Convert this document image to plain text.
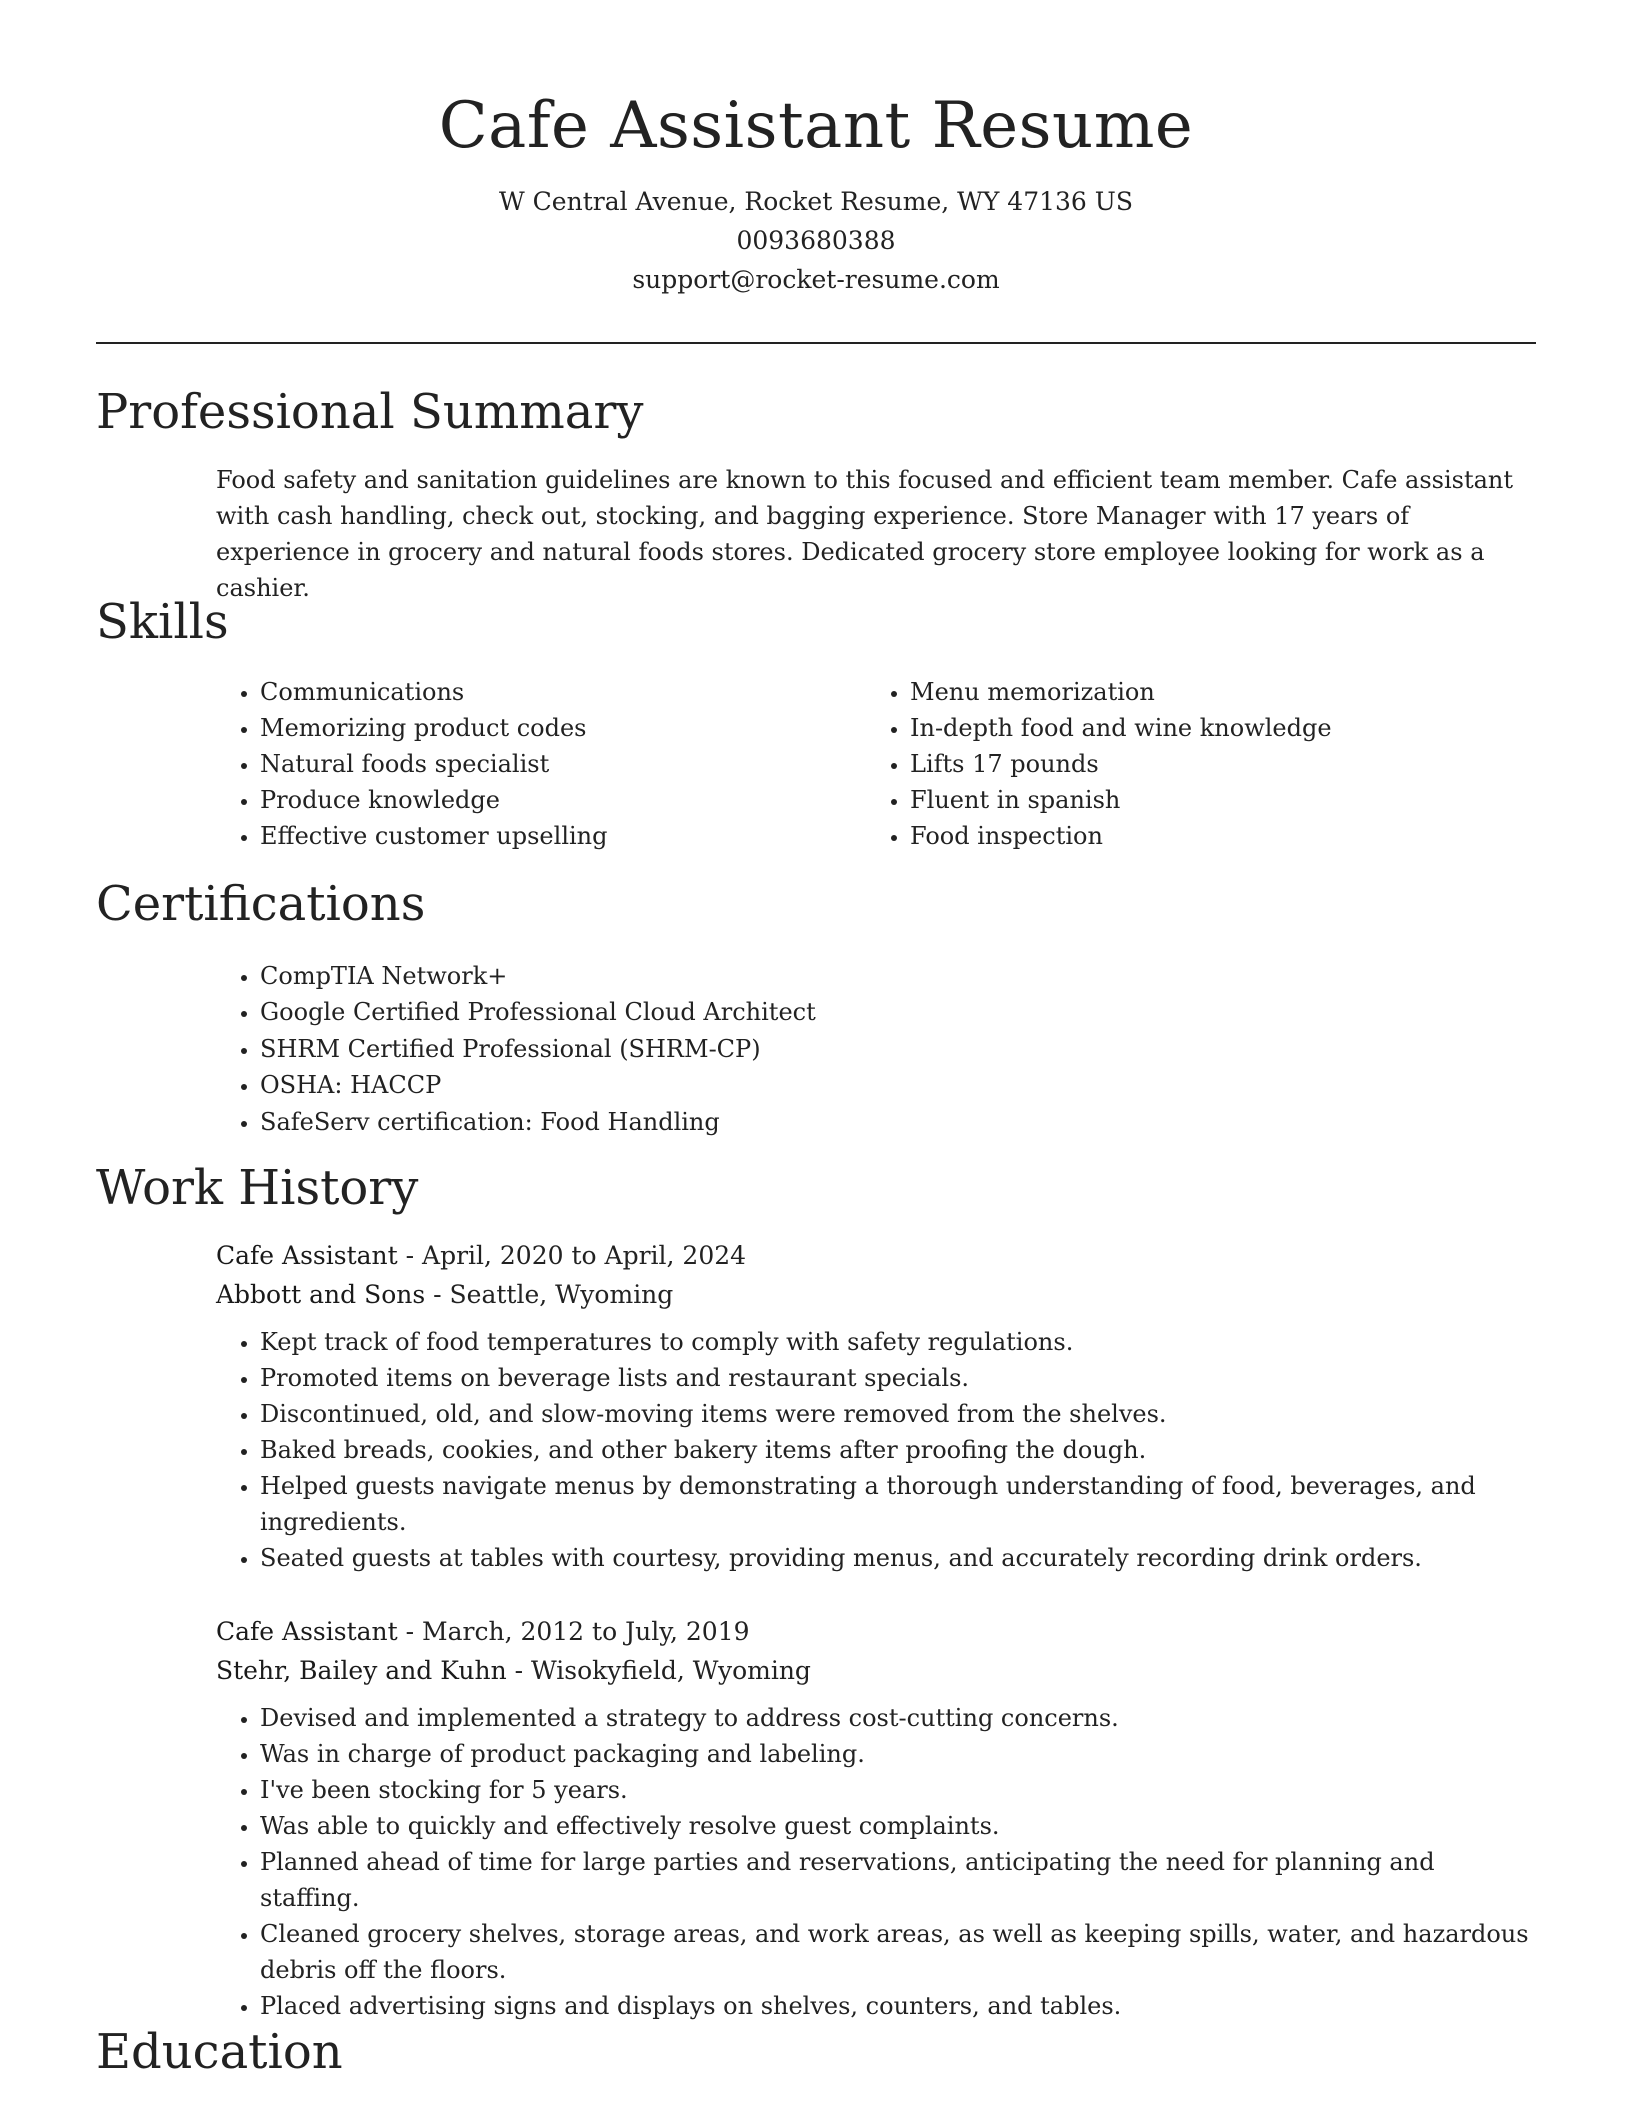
Cafe Assistant Resume
W Central Avenue, Rocket Resume, WY 47136 US
0093680388
support@rocket-resume.com
Professional Summary

Food safety and sanitation guidelines are known to this focused and efficient team member. Cafe assistant with cash handling, check out, stocking, and bagging experience. Store Manager with 17 years of experience in grocery and natural foods stores. Dedicated grocery store employee looking for work as a cashier.

Skills
• Communications
• Memorizing product codes
• Natural foods specialist
• Produce knowledge
• Effective customer upselling
• Menu memorization
• In-depth food and wine knowledge
• Lifts 17 pounds
• Fluent in spanish
• Food inspection
Certifications
• CompTIA Network+
• Google Certified Professional Cloud Architect
• SHRM Certified Professional (SHRM-CP)
• OSHA: HACCP
• SafeServ certification: Food Handling
Work History
Cafe Assistant - April, 2020 to April, 2024
Abbott and Sons - Seattle, Wyoming
• Kept track of food temperatures to comply with safety regulations.
• Promoted items on beverage lists and restaurant specials.
• Discontinued, old, and slow-moving items were removed from the shelves.
• Baked breads, cookies, and other bakery items after proofing the dough.
• Helped guests navigate menus by demonstrating a thorough understanding of food, beverages, and ingredients.
• Seated guests at tables with courtesy, providing menus, and accurately recording drink orders.
Cafe Assistant - March, 2012 to July, 2019
Stehr, Bailey and Kuhn - Wisokyfield, Wyoming
• Devised and implemented a strategy to address cost-cutting concerns.
• Was in charge of product packaging and labeling.
• I've been stocking for 5 years.
• Was able to quickly and effectively resolve guest complaints.
• Planned ahead of time for large parties and reservations, anticipating the need for planning and staffing.
• Cleaned grocery shelves, storage areas, and work areas, as well as keeping spills, water, and hazardous debris off the floors.
• Placed advertising signs and displays on shelves, counters, and tables.
Education
